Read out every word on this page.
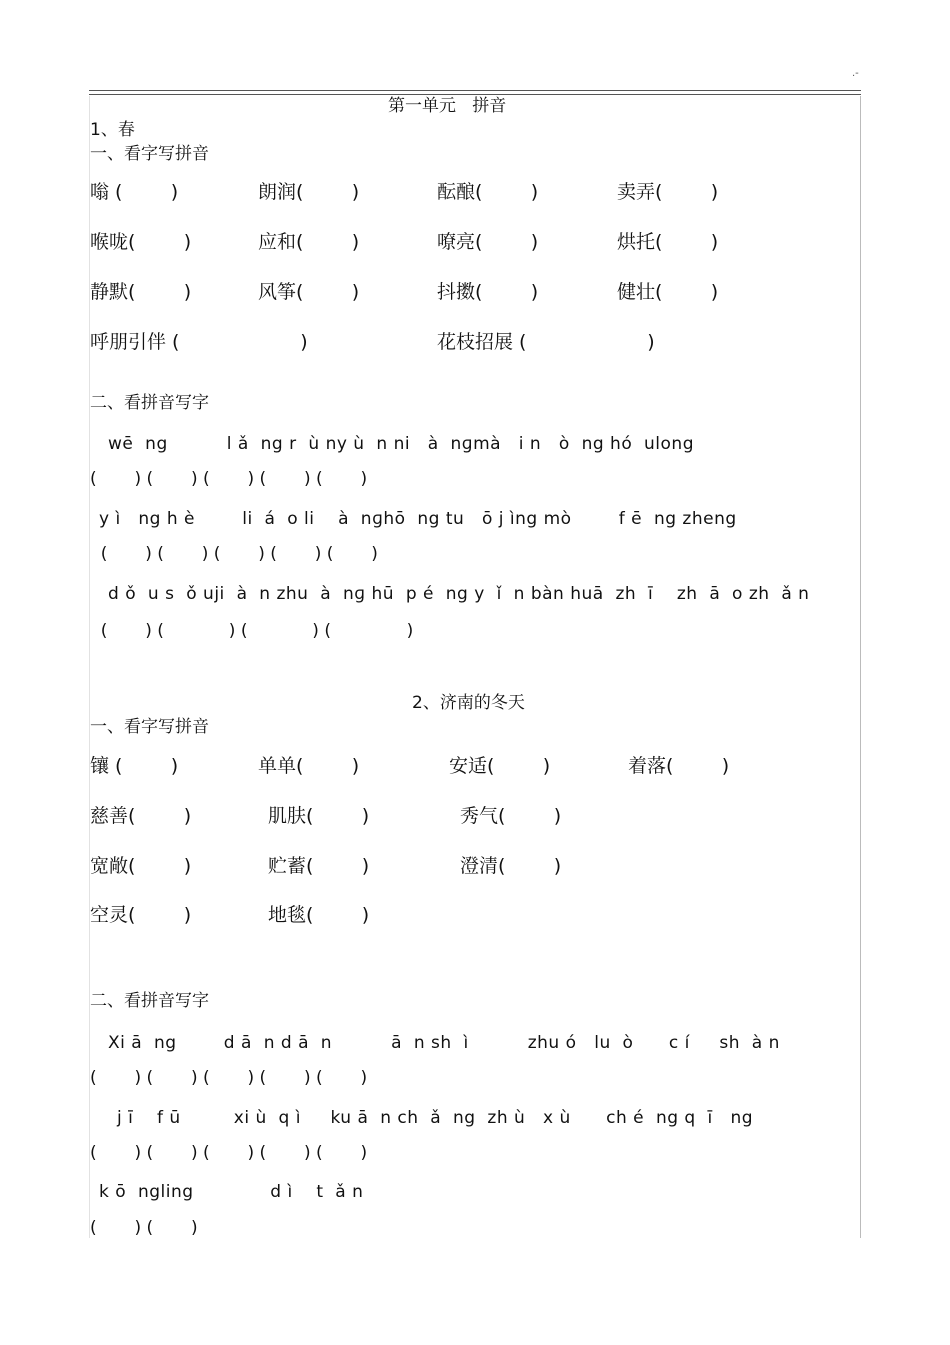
.-
第一单元   拼音
1、春
一、看字写拼音
嗡 (        )	朗润(        )	酝酿(        )	卖弄(        )
喉咙(        )	应和(        )	嘹亮(        )	烘托(        )
静默(        )	风筝(        )	抖擞(        )	健壮(        )
呼朋引伴 (                    )	花枝招展 (                    )
二、看拼音写字
wē  ng          l ǎ  ng r  ù ny ù  n ni   à  nɡmà   i n   ò  ng hó  ulong
(       ) (       ) (       ) (       ) (       )
y ì   ng h è        li  á  o li    à  nɡhō  ng tu   ō j ìng mò        f ē  ng zheng
(       ) (       ) (       ) (       ) (       )
d ǒ  u s  ǒ uji  à  n zhu  à  nɡ hū  p é  ng y  ǐ  n bàn huā  zh  ī    zh  ā  o zh  ǎ n
(       ) (            ) (            ) (              )
2、济南的冬天
一、看字写拼音
镶 (        )	单单(        )	安适(        )	着落(        )
慈善(        )	肌肤(        )	秀气(        )
宽敞(        )	贮蓄(        )	澄清(        )
空灵(        )	地毯(        )
二、看拼音写字
Xi ā  ng        d ā  n d ā  n          ā  n sh  ì          zhu ó   lu  ò      c í     sh  à n
(       ) (       ) (       ) (       ) (       )
j ī    f ū         xi ù  q ì     ku ā  n ch  ǎ  ng  zh ù   x ù      ch é  ng q  ī   ng
(       ) (       ) (       ) (       ) (       )
k ō  ngling             d ì    t  ǎ n
(       ) (       )
